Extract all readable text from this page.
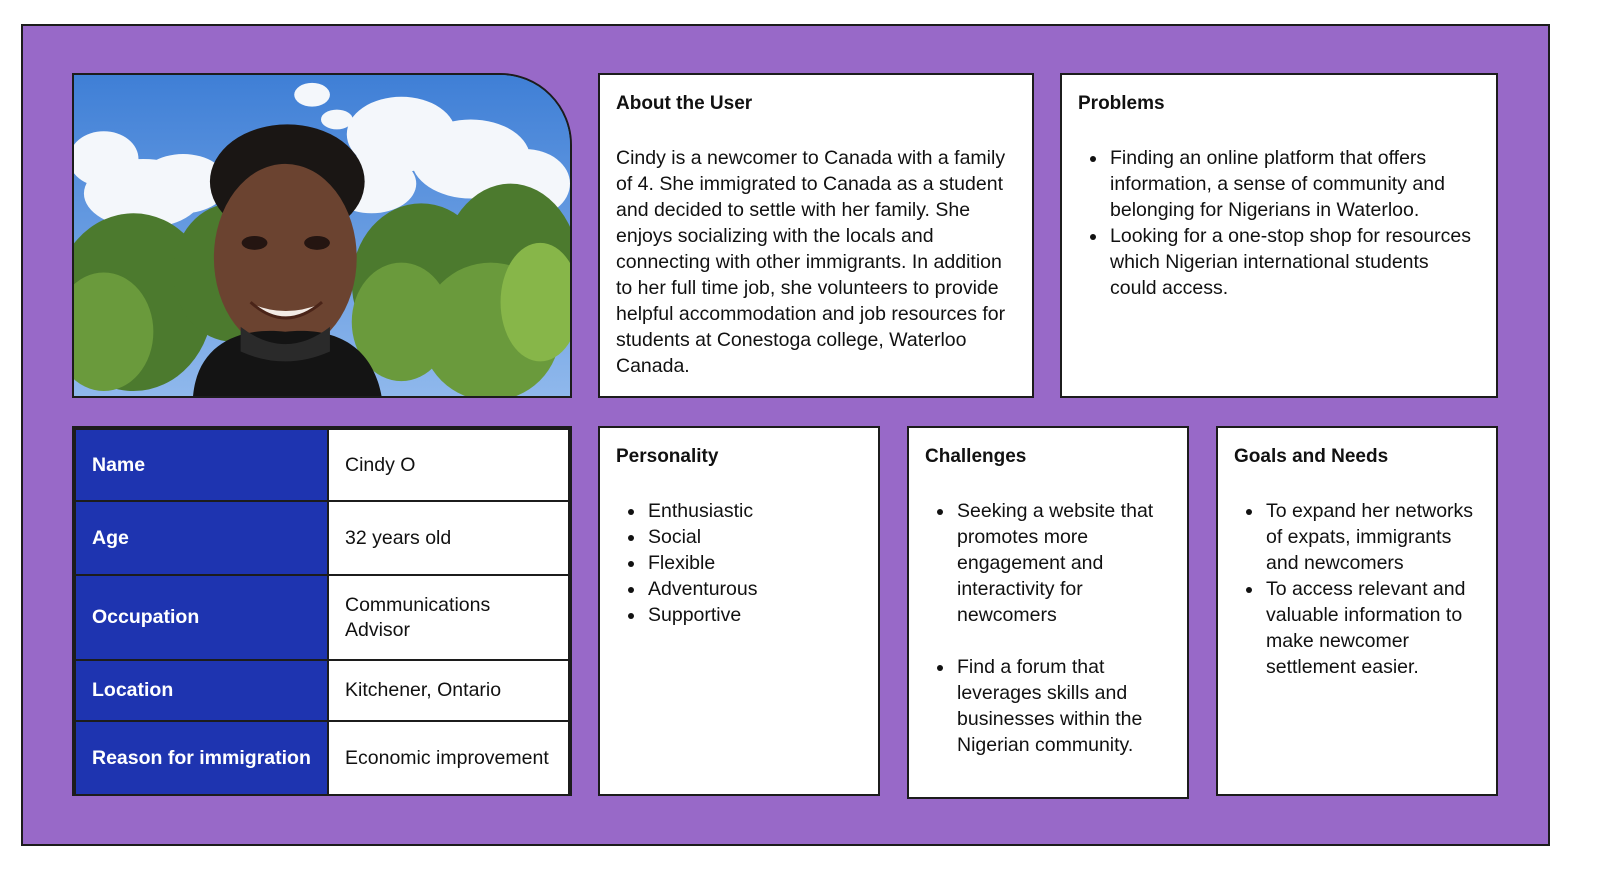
Name	Cindy O
Age	32 years old
Occupation	Communications Advisor
Location	Kitchener, Ontario
Reason for immigration	Economic improvement
About the User

Cindy is a newcomer to Canada with a family of 4. She immigrated to Canada as a student and decided to settle with her family. She enjoys socializing with the locals and connecting with other immigrants. In addition to her full time job, she volunteers to provide helpful accommodation and job resources for students at Conestoga college, Waterloo Canada.

Problems
• Finding an online platform that offers information, a sense of community and belonging for Nigerians in Waterloo.
• Looking for a one-stop shop for resources which Nigerian international students could access.
Personality
• Enthusiastic
• Social
• Flexible
• Adventurous
• Supportive
Challenges
• Seeking a website that promotes more engagement and interactivity for newcomers
• Find a forum that leverages skills and businesses within the Nigerian community.
Goals and Needs
• To expand her networks of expats, immigrants and newcomers
• To access relevant and valuable information to make newcomer settlement easier.
